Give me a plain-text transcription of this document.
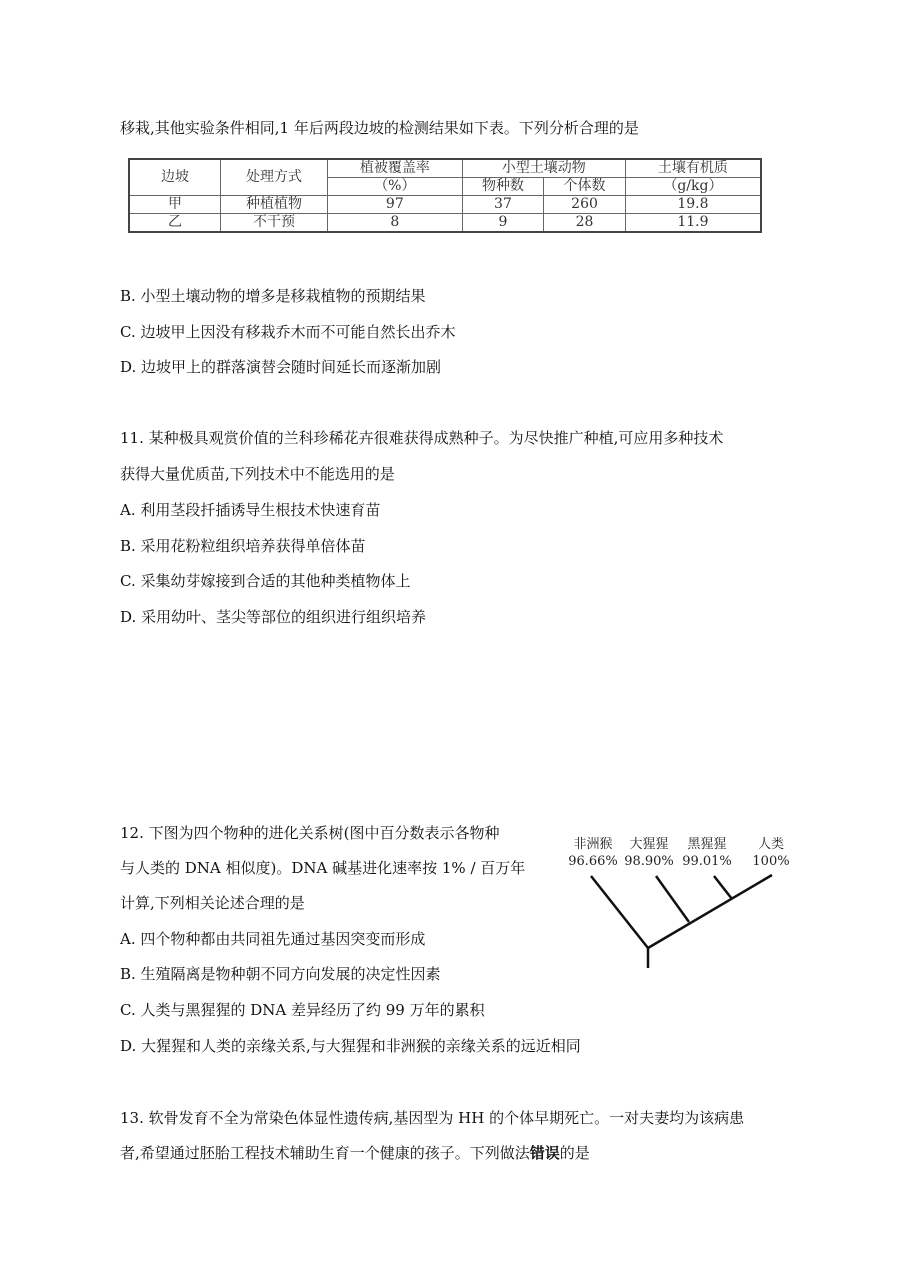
移栽,其他实验条件相同,1 年后两段边坡的检测结果如下表。下列分析合理的是
边坡	处理方式	植被覆盖率	小型土壤动物		土壤有机质
		（%）	物种数	个体数	（g/kg）
甲	种植植物	97	37	260	19.8
乙	不干预	8	9	28	11.9
B. 小型土壤动物的增多是移栽植物的预期结果
C. 边坡甲上因没有移栽乔木而不可能自然长出乔木
D. 边坡甲上的群落演替会随时间延长而逐渐加剧
11. 某种极具观赏价值的兰科珍稀花卉很难获得成熟种子。为尽快推广种植,可应用多种技术
获得大量优质苗,下列技术中不能选用的是
A. 利用茎段扦插诱导生根技术快速育苗
B. 采用花粉粒组织培养获得单倍体苗
C. 采集幼芽嫁接到合适的其他种类植物体上
D. 采用幼叶、茎尖等部位的组织进行组织培养
12. 下图为四个物种的进化关系树(图中百分数表示各物种
与人类的 DNA 相似度)。DNA 碱基进化速率按 1% / 百万年
计算,下列相关论述合理的是
A. 四个物种都由共同祖先通过基因突变而形成
B. 生殖隔离是物种朝不同方向发展的决定性因素
C. 人类与黑猩猩的 DNA 差异经历了约 99 万年的累积
D. 大猩猩和人类的亲缘关系,与大猩猩和非洲猴的亲缘关系的远近相同
非洲猴
96.66%
大猩猩
98.90%
黑猩猩
99.01%
人类
100%
13. 软骨发育不全为常染色体显性遗传病,基因型为 HH 的个体早期死亡。一对夫妻均为该病患
者,希望通过胚胎工程技术辅助生育一个健康的孩子。下列做法错误的是
